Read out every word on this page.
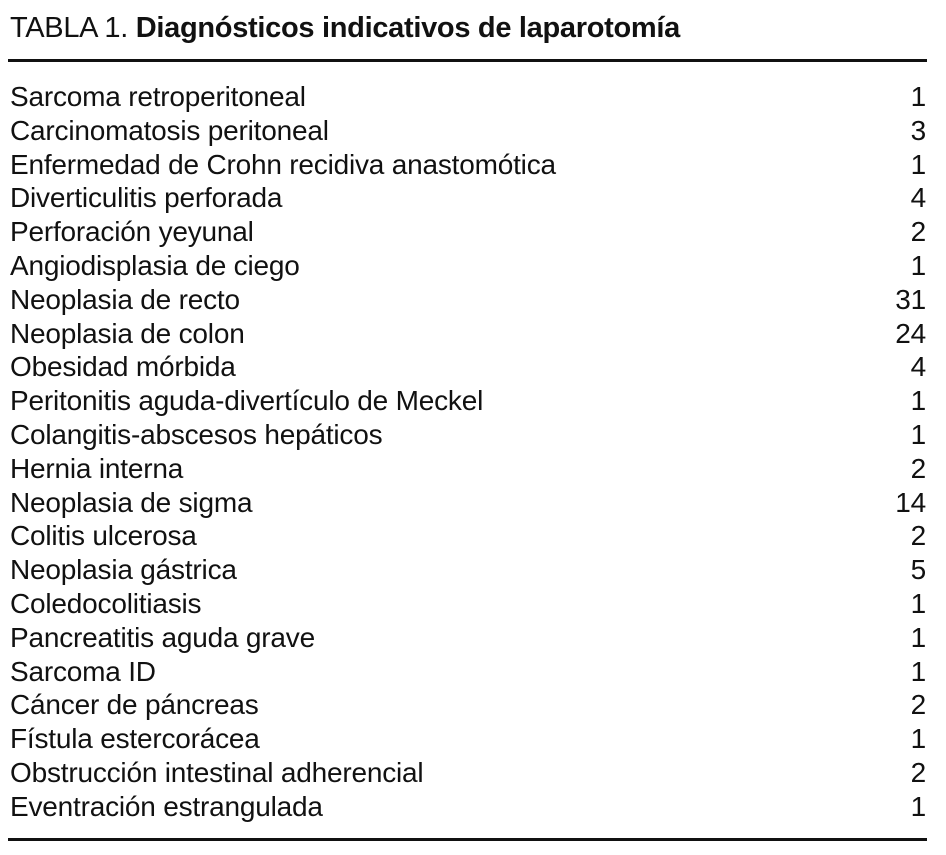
TABLA 1. Diagnósticos indicativos de laparotomía
Sarcoma retroperitoneal	1
Carcinomatosis peritoneal	3
Enfermedad de Crohn recidiva anastomótica	1
Diverticulitis perforada	4
Perforación yeyunal	2
Angiodisplasia de ciego	1
Neoplasia de recto	31
Neoplasia de colon	24
Obesidad mórbida	4
Peritonitis aguda-divertículo de Meckel	1
Colangitis-abscesos hepáticos	1
Hernia interna	2
Neoplasia de sigma	14
Colitis ulcerosa	2
Neoplasia gástrica	5
Coledocolitiasis	1
Pancreatitis aguda grave	1
Sarcoma ID	1
Cáncer de páncreas	2
Fístula estercorácea	1
Obstrucción intestinal adherencial	2
Eventración estrangulada	1
